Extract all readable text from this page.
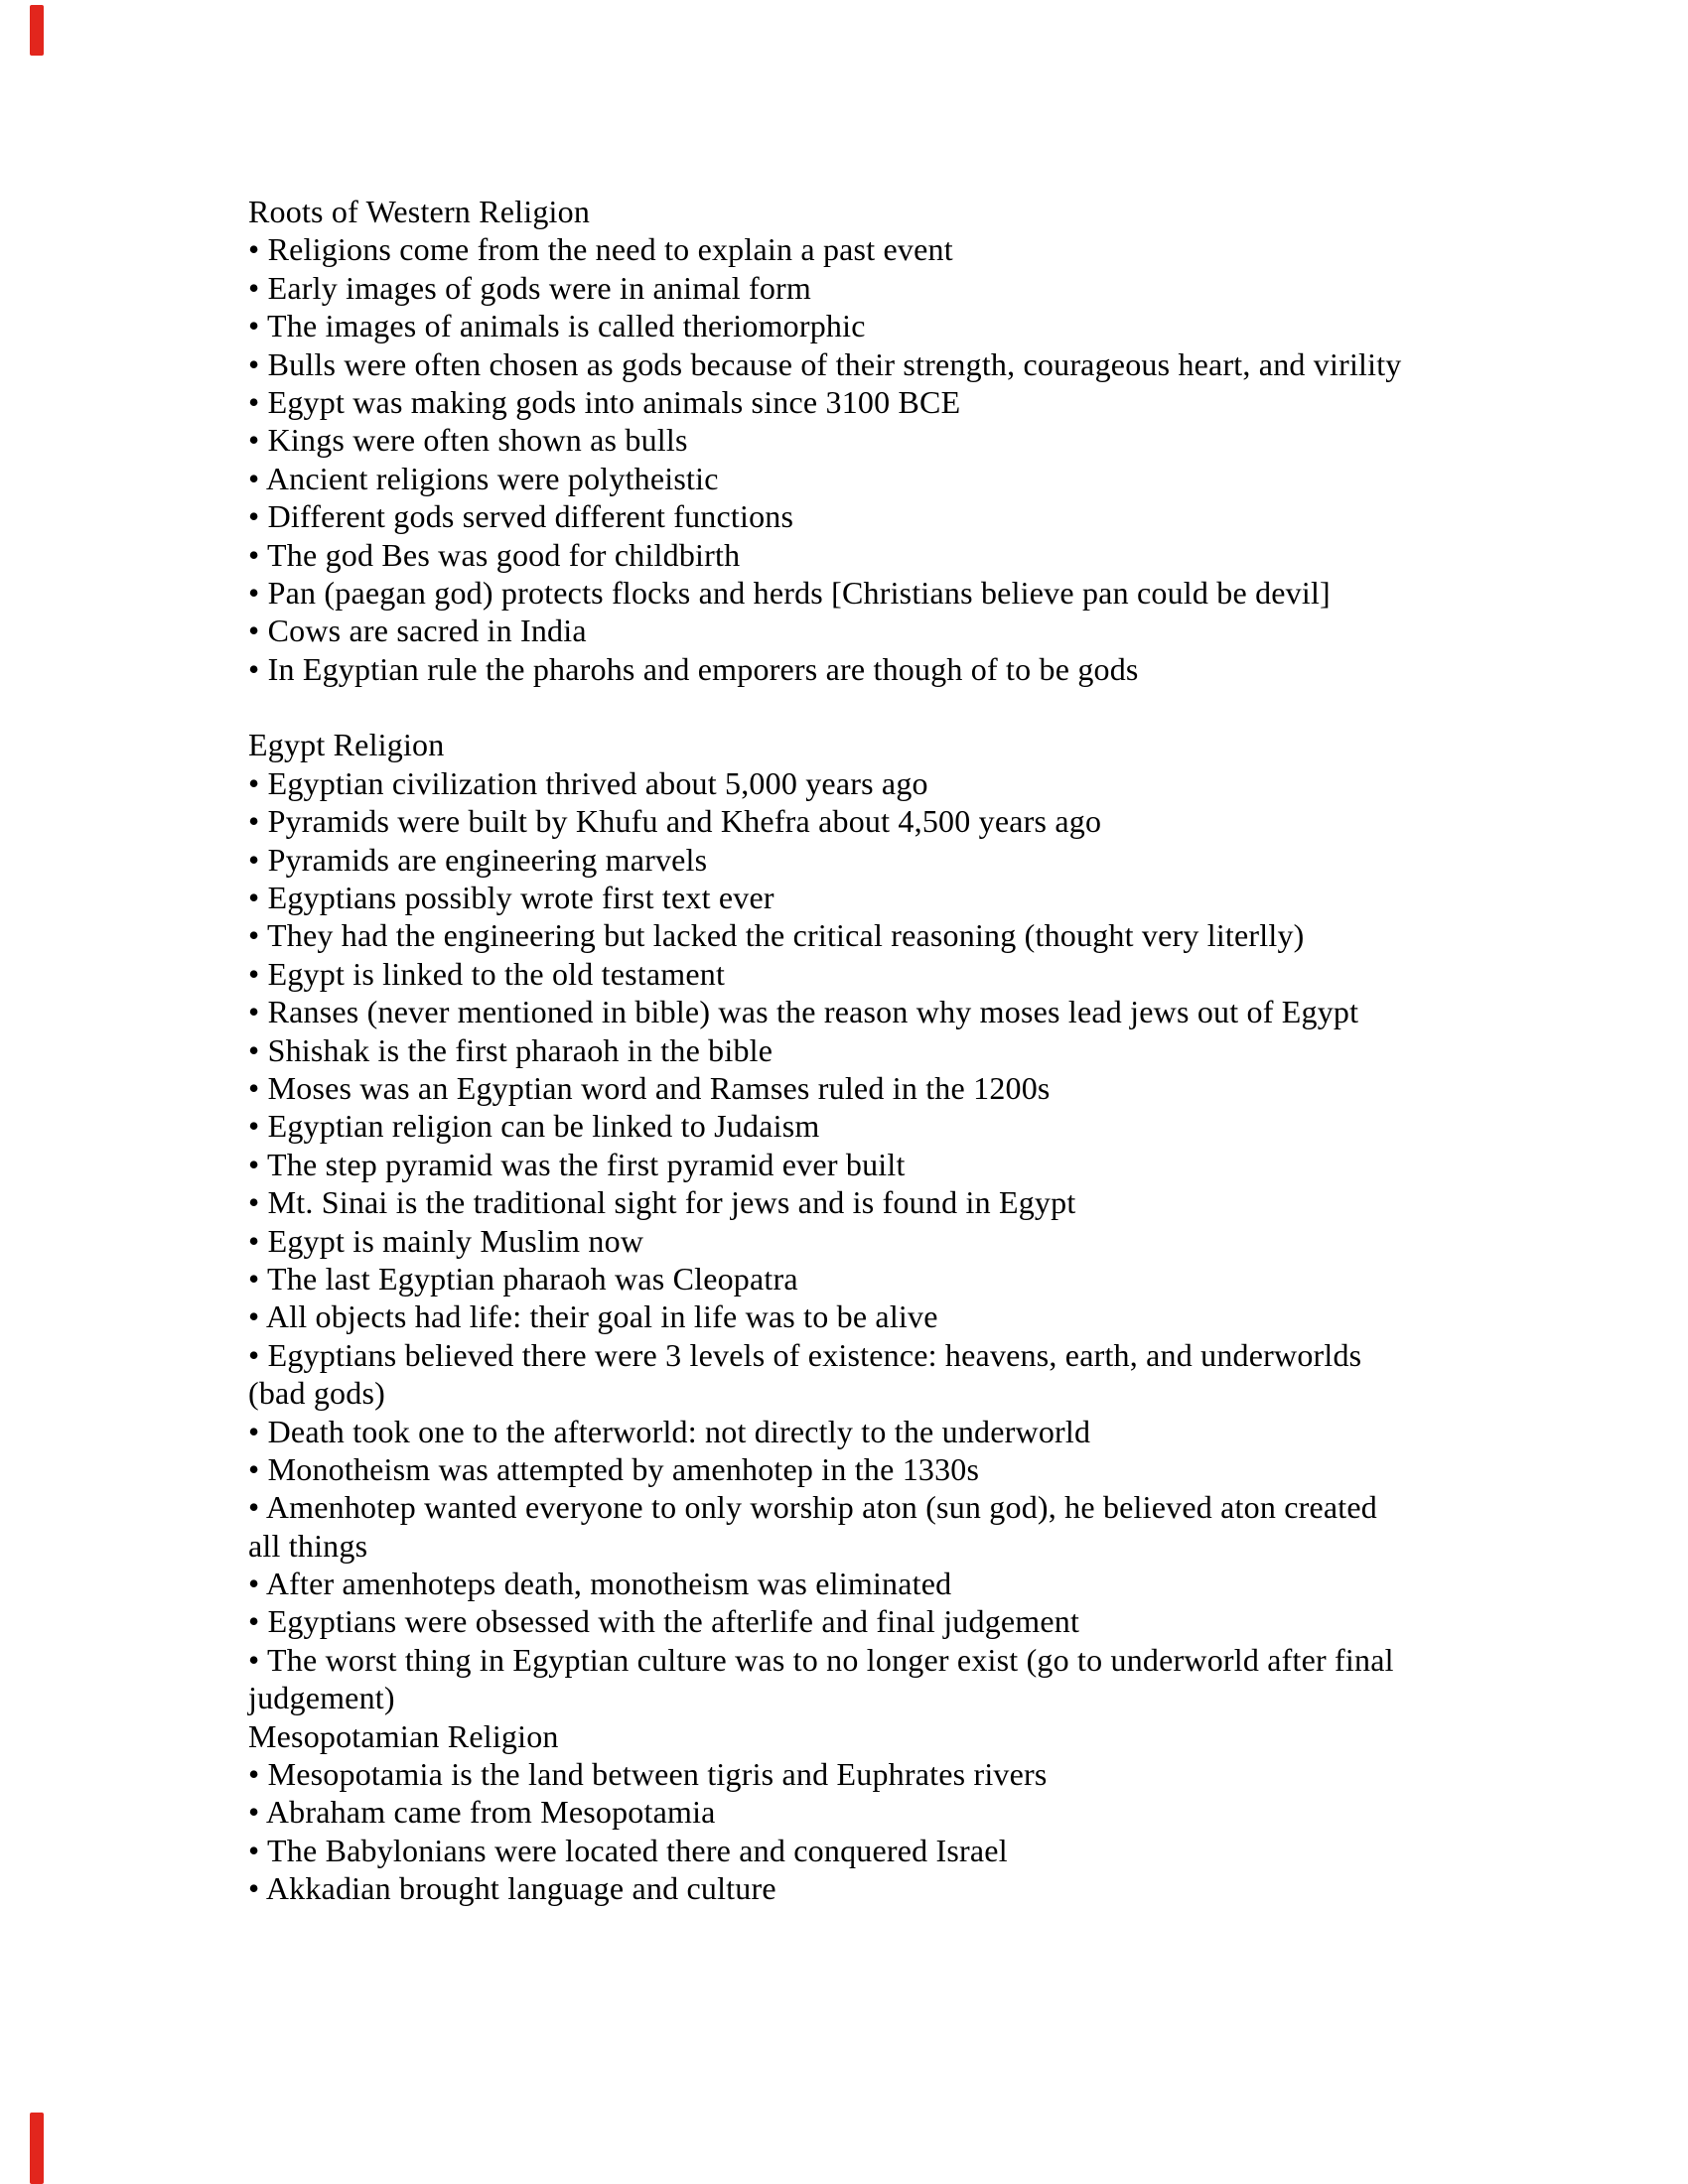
Roots of Western Religion
• Religions come from the need to explain a past event
• Early images of gods were in animal form
• The images of animals is called theriomorphic
• Bulls were often chosen as gods because of their strength, courageous heart, and virility
• Egypt was making gods into animals since 3100 BCE
• Kings were often shown as bulls
• Ancient religions were polytheistic
• Different gods served different functions
• The god Bes was good for childbirth
• Pan (paegan god) protects flocks and herds [Christians believe pan could be devil]
• Cows are sacred in India
• In Egyptian rule the pharohs and emporers are though of to be gods
Egypt Religion
• Egyptian civilization thrived about 5,000 years ago
• Pyramids were built by Khufu and Khefra about 4,500 years ago
• Pyramids are engineering marvels
• Egyptians possibly wrote first text ever
• They had the engineering but lacked the critical reasoning (thought very literlly)
• Egypt is linked to the old testament
• Ranses (never mentioned in bible) was the reason why moses lead jews out of Egypt
• Shishak is the first pharaoh in the bible
• Moses was an Egyptian word and Ramses ruled in the 1200s
• Egyptian religion can be linked to Judaism
• The step pyramid was the first pyramid ever built
• Mt. Sinai is the traditional sight for jews and is found in Egypt
• Egypt is mainly Muslim now
• The last Egyptian pharaoh was Cleopatra
• All objects had life: their goal in life was to be alive
• Egyptians believed there were 3 levels of existence: heavens, earth, and underworlds
(bad gods)
• Death took one to the afterworld: not directly to the underworld
• Monotheism was attempted by amenhotep in the 1330s
• Amenhotep wanted everyone to only worship aton (sun god), he believed aton created
all things
• After amenhoteps death, monotheism was eliminated
• Egyptians were obsessed with the afterlife and final judgement
• The worst thing in Egyptian culture was to no longer exist (go to underworld after final
judgement)
Mesopotamian Religion
• Mesopotamia is the land between tigris and Euphrates rivers
• Abraham came from Mesopotamia
• The Babylonians were located there and conquered Israel
• Akkadian brought language and culture
